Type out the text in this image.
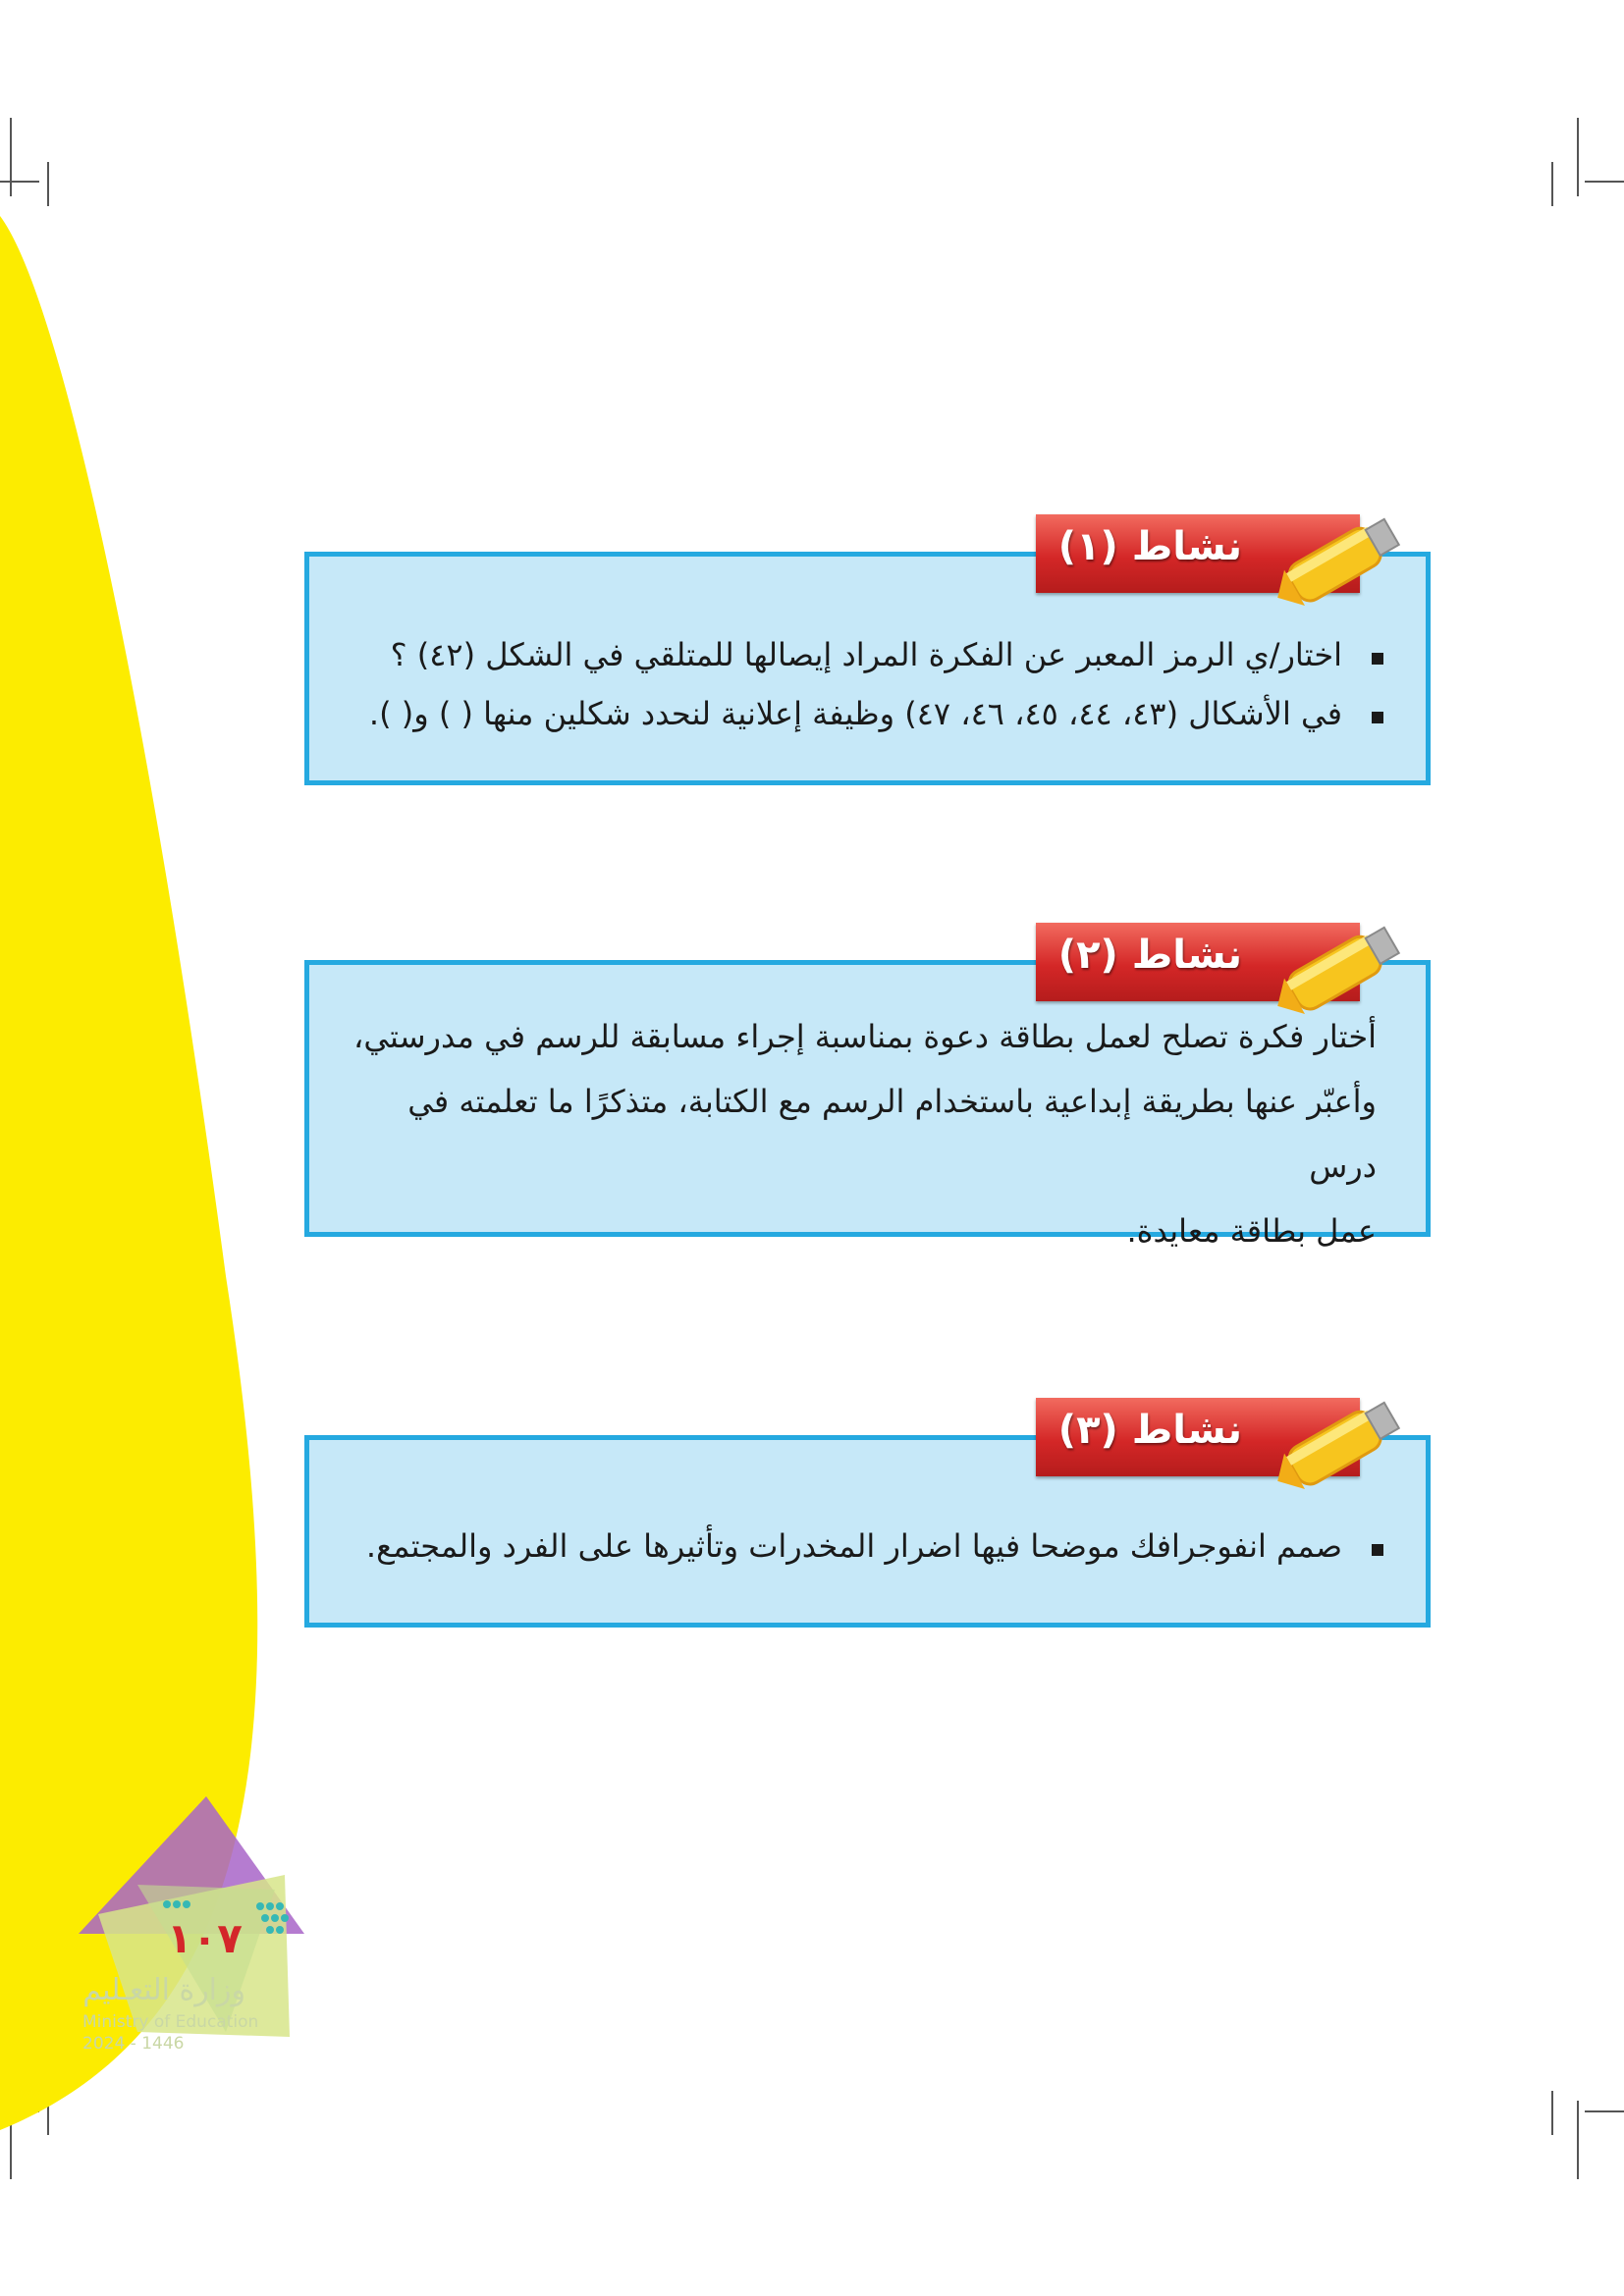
اختار/ي الرمز المعبر عن الفكرة المراد إيصالها للمتلقي في الشكل (٤٢) ؟
في الأشكال (٤٣، ٤٤، ٤٥، ٤٦، ٤٧) وظيفة إعلانية لنحدد شكلين منها ( ) و( ).
نشاط (١)

أختار فكرة تصلح لعمل بطاقة دعوة بمناسبة إجراء مسابقة للرسم في مدرستي،

وأعبّر عنها بطريقة إبداعية باستخدام الرسم مع الكتابة، متذكرًا ما تعلمته في درس

عمل بطاقة معايدة.

نشاط (٢)
صمم انفوجرافك موضحا فيها اضرار المخدرات وتأثيرها على الفرد والمجتمع.
نشاط (٣)
١٠٧
وزارة التعـليم
Ministry of Education
2024 - 1446
